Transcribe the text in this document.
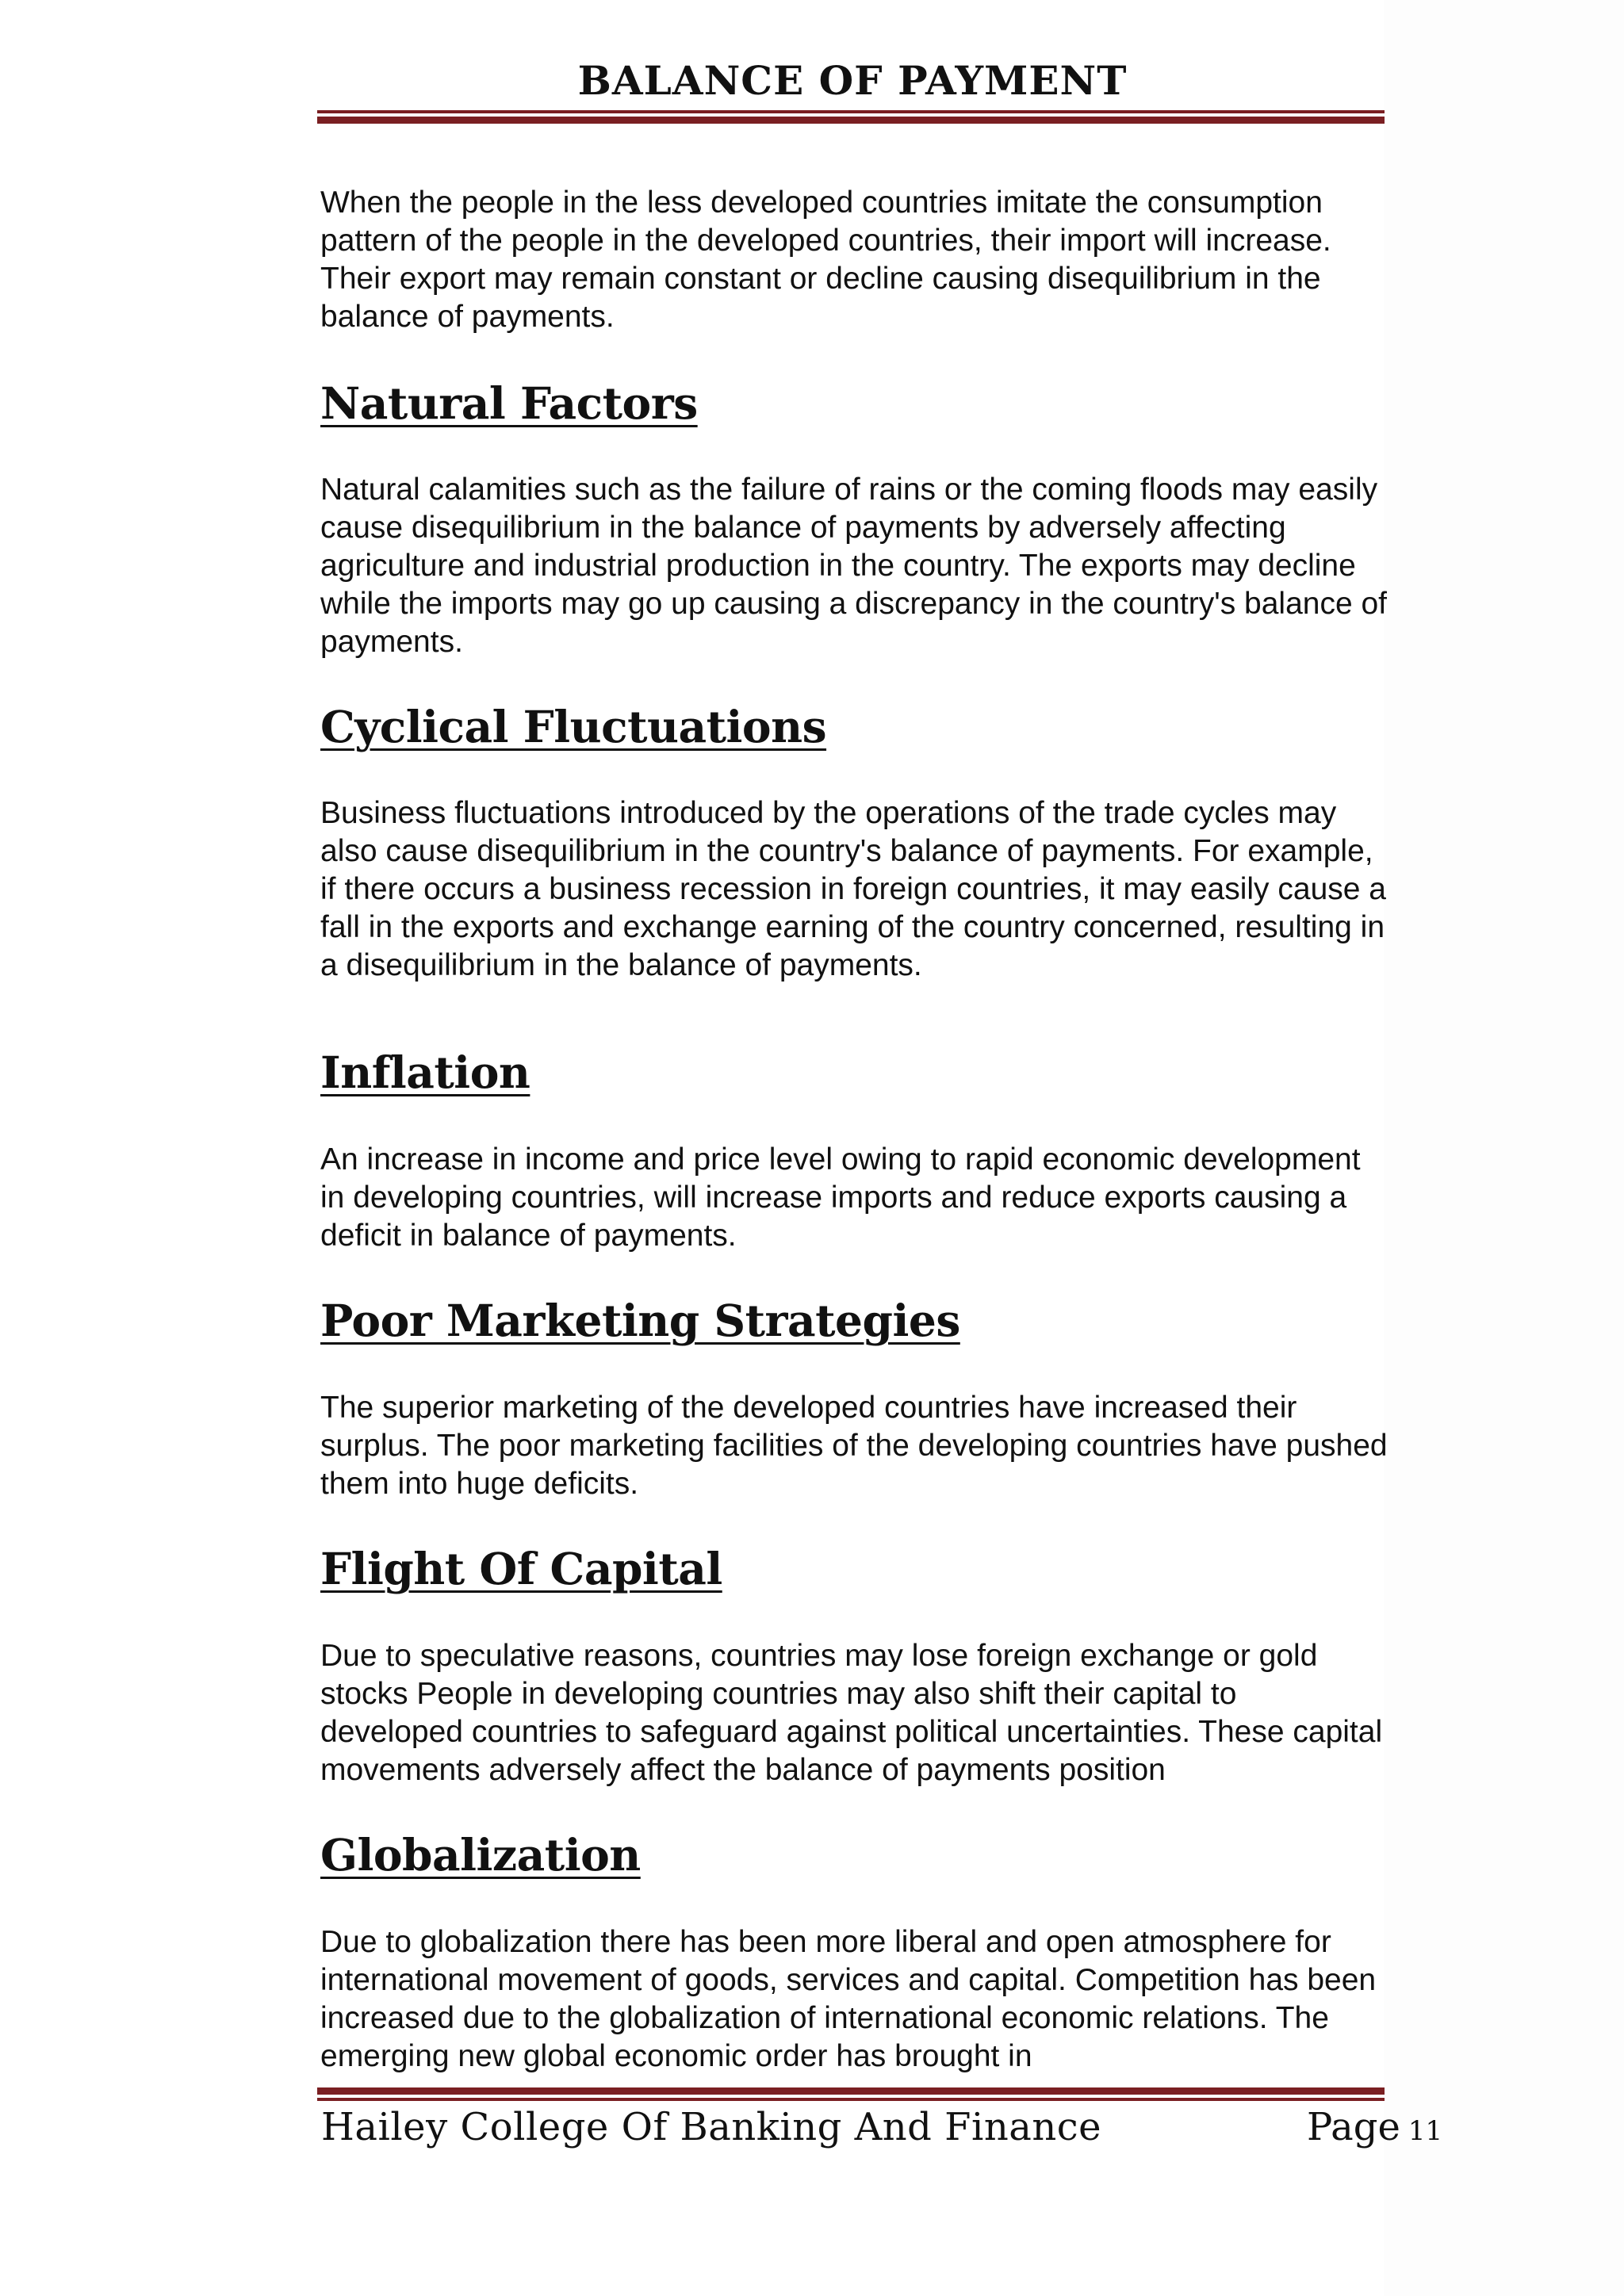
BALANCE OF PAYMENT

When the people in the less developed countries imitate the consumption pattern of the people in the developed countries, their import will increase. Their export may remain constant or decline causing disequilibrium in the balance of payments.

Natural Factors

Natural calamities such as the failure of rains or the coming floods may easily cause disequilibrium in the balance of payments by adversely affecting agriculture and industrial production in the country. The exports may decline while the imports may go up causing a discrepancy in the country's balance of payments.

Cyclical Fluctuations

Business fluctuations introduced by the operations of the trade cycles may also cause disequilibrium in the country's balance of payments. For example, if there occurs a business recession in foreign countries, it may easily cause a fall in the exports and exchange earning of the country concerned, resulting in a disequilibrium in the balance of payments.

Inflation

An increase in income and price level owing to rapid economic development in developing countries, will increase imports and reduce exports causing a deficit in balance of payments.

Poor Marketing Strategies

The superior marketing of the developed countries have increased their surplus. The poor marketing facilities of the developing countries have pushed them into huge deficits.

Flight Of Capital

Due to speculative reasons, countries may lose foreign exchange or gold stocks People in developing countries may also shift their capital to developed countries to safeguard against political uncertainties. These capital movements adversely affect the balance of payments position

Globalization

Due to globalization there has been more liberal and open atmosphere for international movement of goods, services and capital. Competition has been increased due to the globalization of international economic relations. The emerging new global economic order has brought in

Hailey College Of Banking And Finance	Page 11
